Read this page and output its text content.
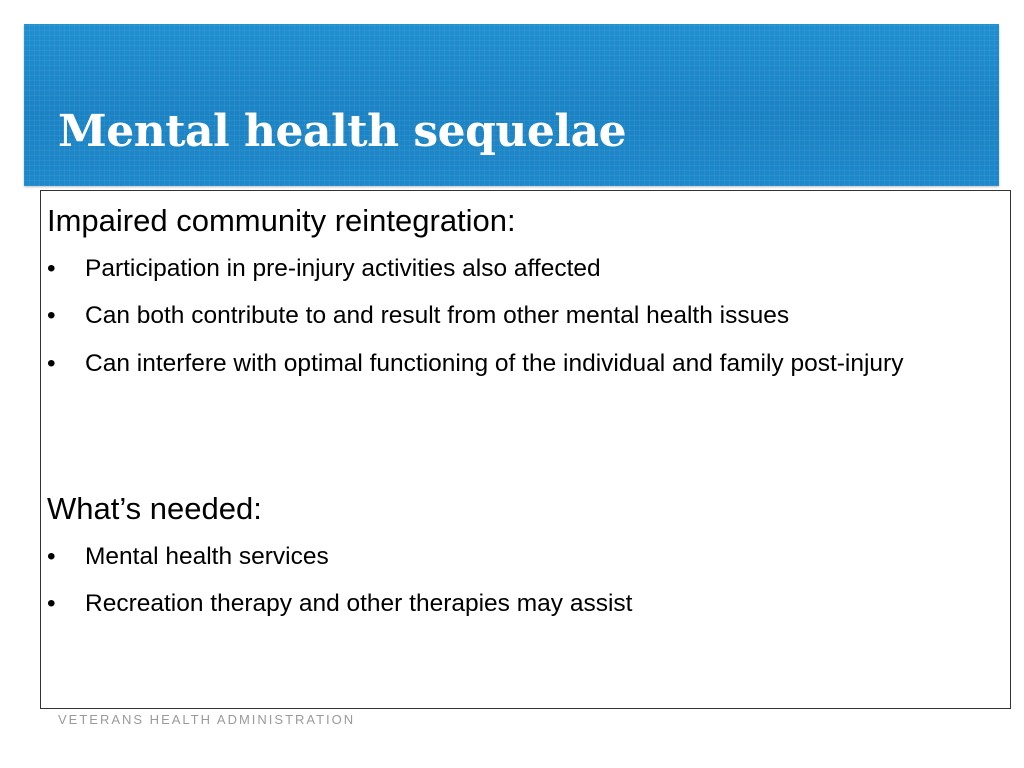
Mental health sequelae

Impaired community reintegration:

• Participation in pre-injury activities also affected
• Can both contribute to and result from other mental health issues
• Can interfere with optimal functioning of the individual and family post-injury

What’s needed:

• Mental health services
• Recreation therapy and other therapies may assist
VETERANS HEALTH ADMINISTRATION
